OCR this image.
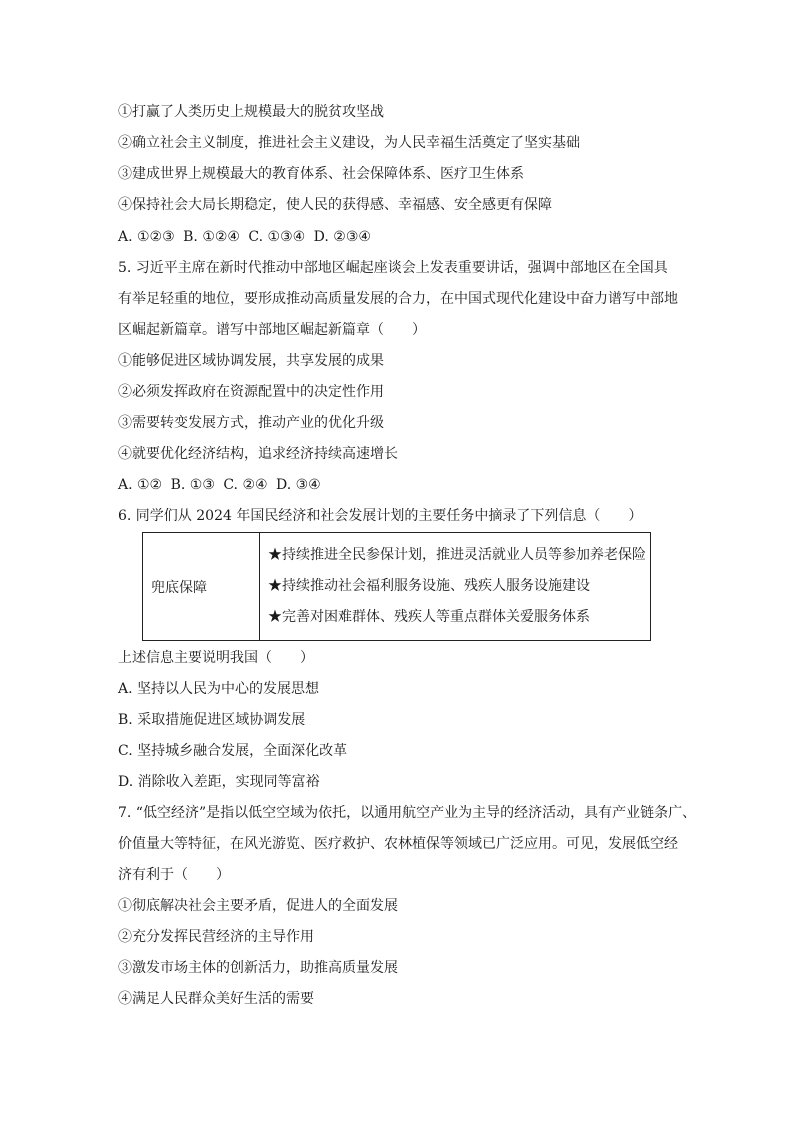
①打赢了人类历史上规模最大的脱贫攻坚战

②确立社会主义制度，推进社会主义建设，为人民幸福生活奠定了坚实基础

③建成世界上规模最大的教育体系、社会保障体系、医疗卫生体系

④保持社会大局长期稳定，使人民的获得感、幸福感、安全感更有保障

A. ①②③ B. ①②④ C. ①③④ D. ②③④

5. 习近平主席在新时代推动中部地区崛起座谈会上发表重要讲话，强调中部地区在全国具

有举足轻重的地位，要形成推动高质量发展的合力，在中国式现代化建设中奋力谱写中部地

区崛起新篇章。谱写中部地区崛起新篇章（　　）

①能够促进区域协调发展，共享发展的成果

②必须发挥政府在资源配置中的决定性作用

③需要转变发展方式，推动产业的优化升级

④就要优化经济结构，追求经济持续高速增长

A. ①② B. ①③ C. ②④ D. ③④

6. 同学们从 2024 年国民经济和社会发展计划的主要任务中摘录了下列信息（　　）

兜底保障	
★持续推进全民参保计划，推进灵活就业人员等参加养老保险
★持续推动社会福利服务设施、残疾人服务设施建设
★完善对困难群体、残疾人等重点群体关爱服务体系

上述信息主要说明我国（　　）

A. 坚持以人民为中心的发展思想

B. 采取措施促进区域协调发展

C. 坚持城乡融合发展，全面深化改革

D. 消除收入差距，实现同等富裕

7. “低空经济”是指以低空空域为依托，以通用航空产业为主导的经济活动，具有产业链条广、

价值量大等特征，在风光游览、医疗救护、农林植保等领域已广泛应用。可见，发展低空经

济有利于（　　）

①彻底解决社会主要矛盾，促进人的全面发展

②充分发挥民营经济的主导作用

③激发市场主体的创新活力，助推高质量发展

④满足人民群众美好生活的需要
